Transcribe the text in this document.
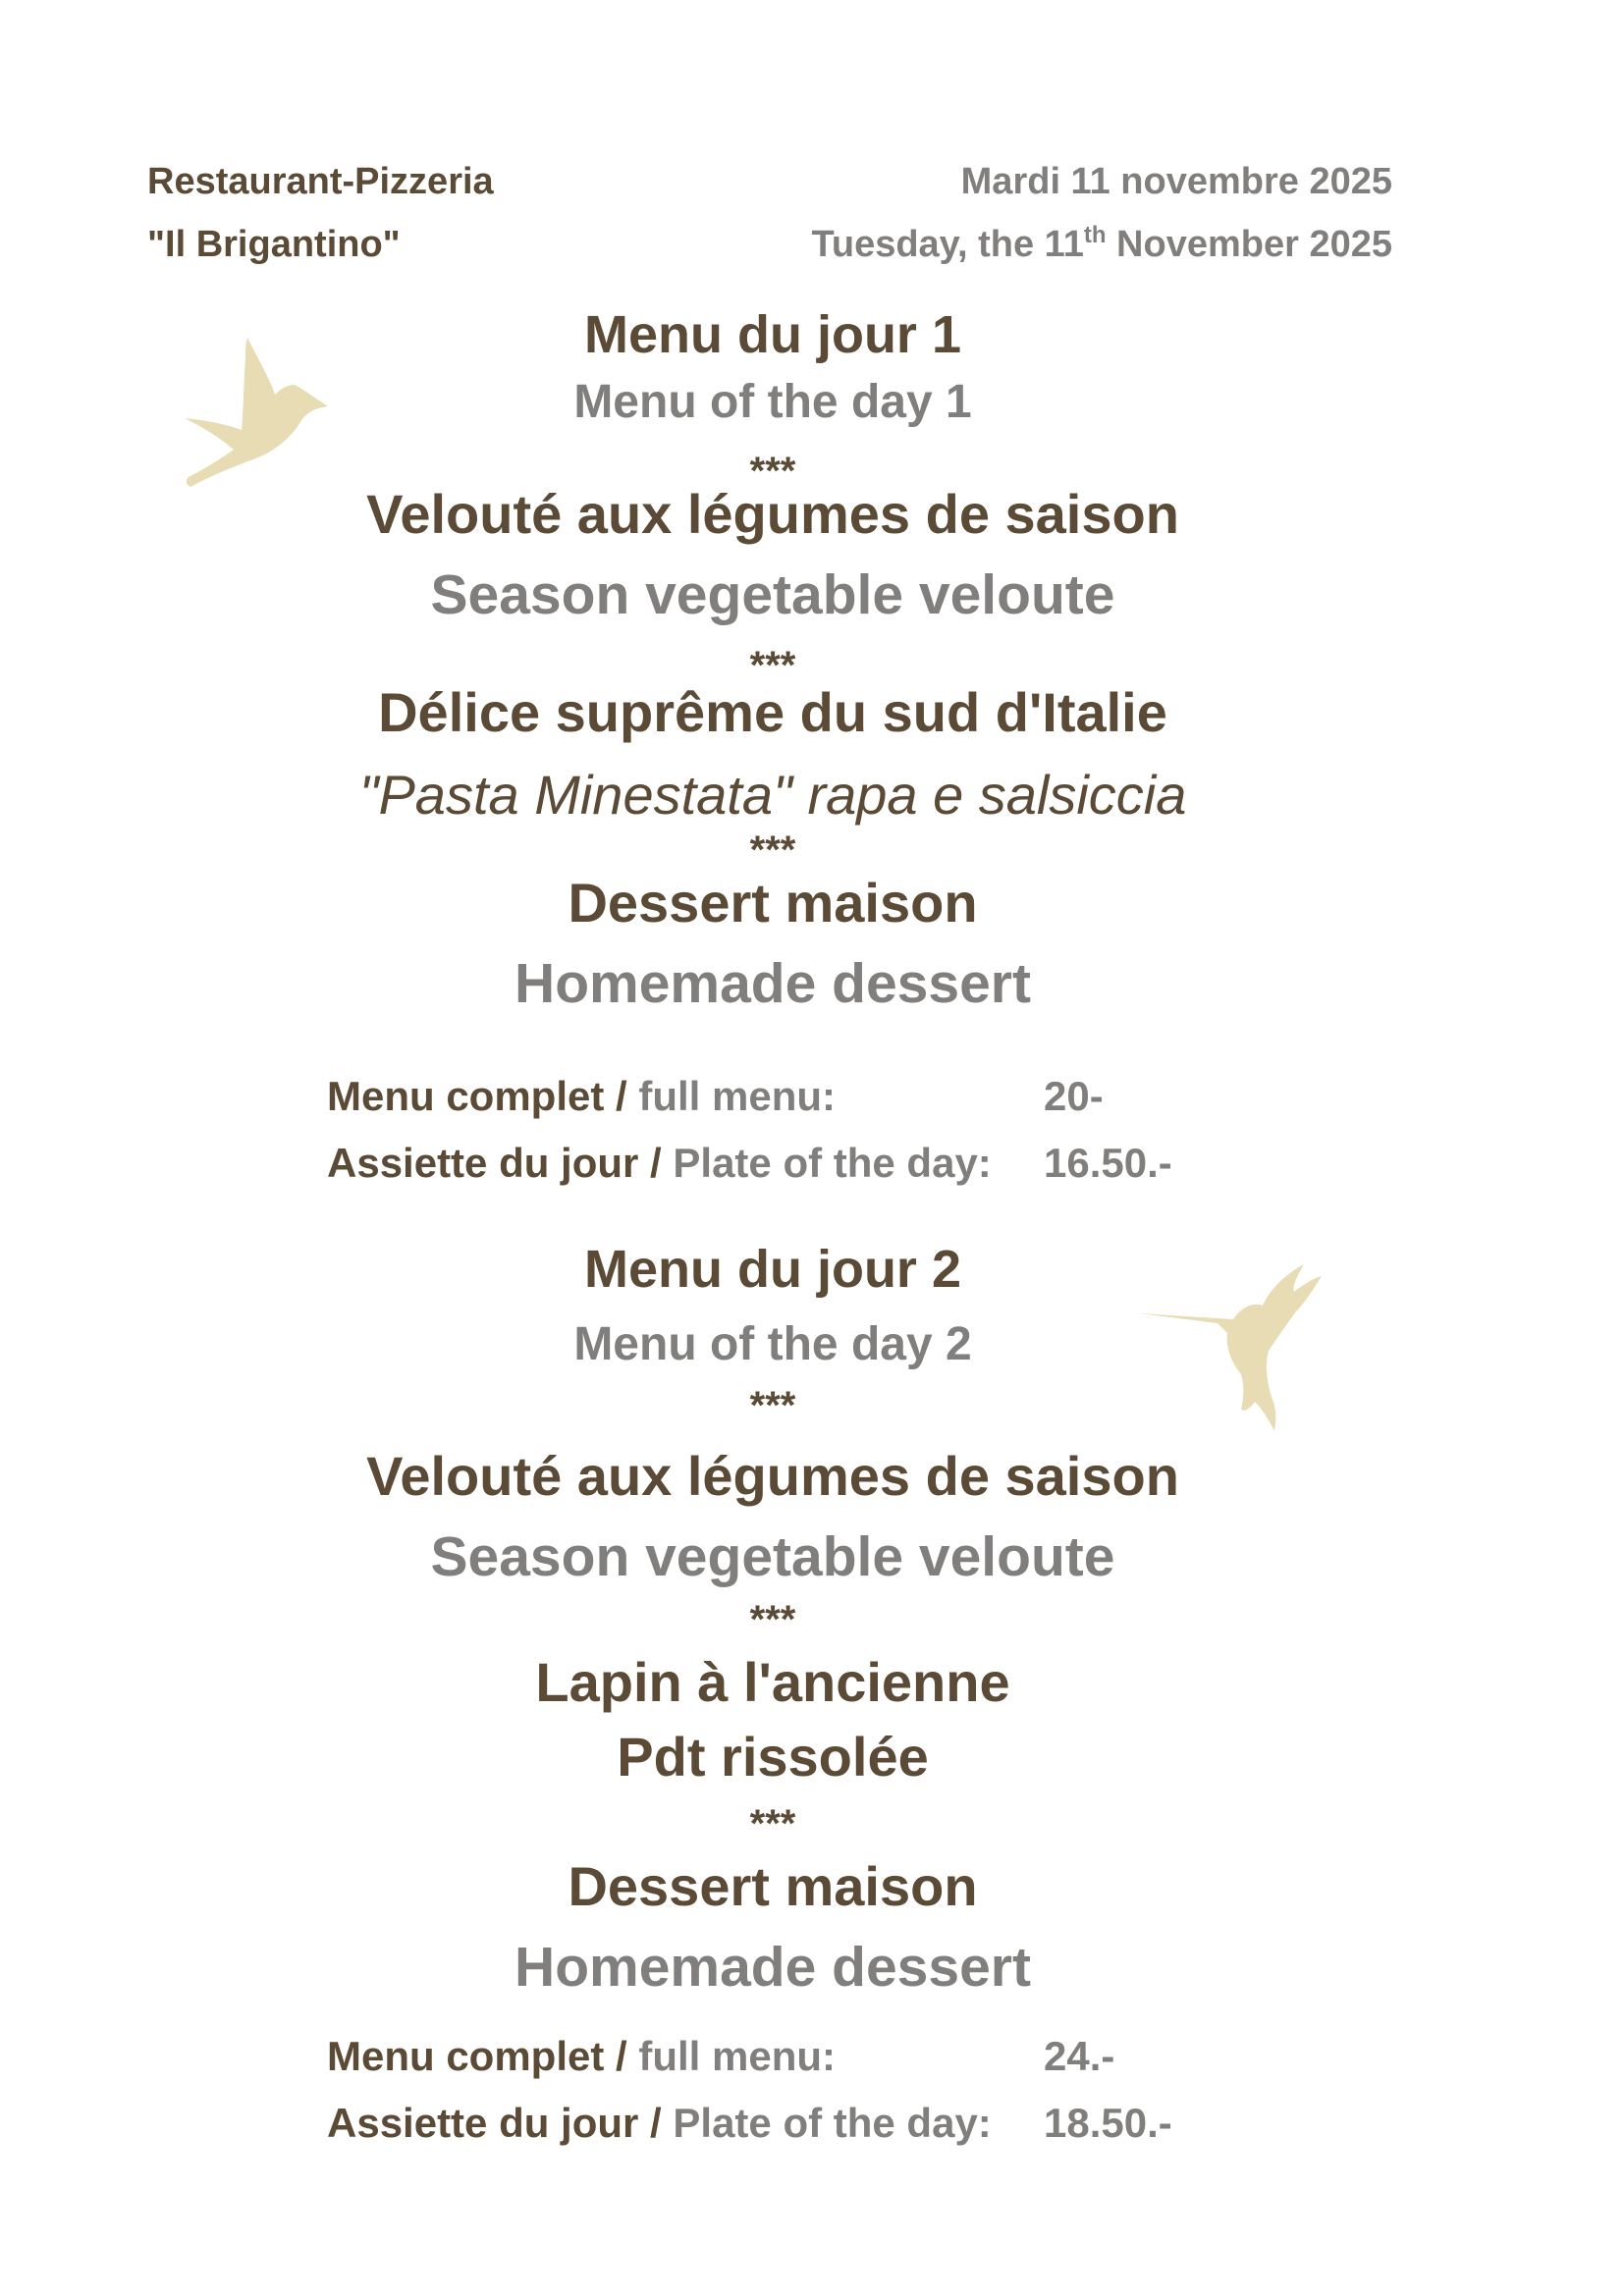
Restaurant-Pizzeria
"Il Brigantino"
Mardi 11 novembre 2025
Tuesday, the 11th November 2025
Menu du jour 1
Menu of the day 1
***
Velouté aux légumes de saison
Season vegetable veloute
***
Délice suprême du sud d'Italie
***
"Pasta Minestata" rapa e salsiccia
Dessert maison
Homemade dessert
Menu complet / full menu:	20-
Assiette du jour / Plate of the day: 16.50.-
Menu du jour 2
Menu of the day 2
***
Velouté aux légumes de saison
Season vegetable veloute
***
Lapin à l'ancienne
Pdt rissolée
***
Dessert maison
Homemade dessert
Menu complet / full menu:	24.-
Assiette du jour / Plate of the day: 18.50.-
